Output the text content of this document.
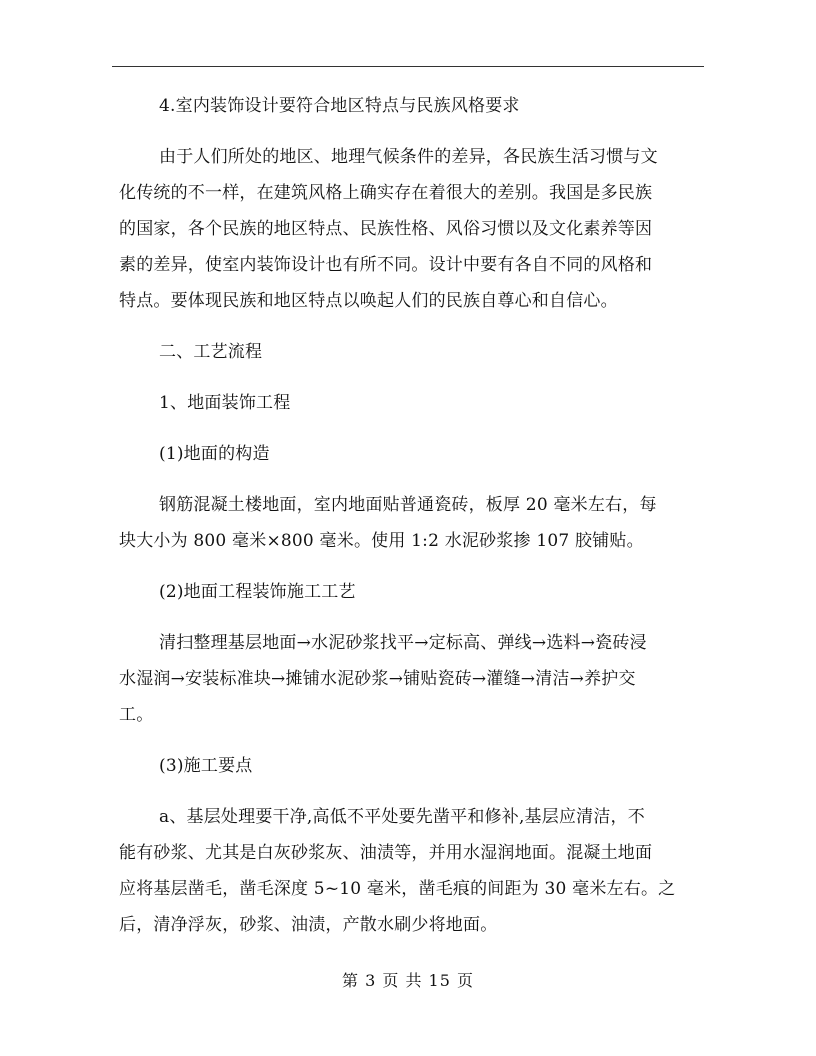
4.室内装饰设计要符合地区特点与民族风格要求
由于人们所处的地区、地理气候条件的差异，各民族生活习惯与文
化传统的不一样，在建筑风格上确实存在着很大的差别。我国是多民族
的国家，各个民族的地区特点、民族性格、风俗习惯以及文化素养等因
素的差异，使室内装饰设计也有所不同。设计中要有各自不同的风格和
特点。要体现民族和地区特点以唤起人们的民族自尊心和自信心。
二、工艺流程
1、地面装饰工程
(1)地面的构造
钢筋混凝土楼地面，室内地面贴普通瓷砖，板厚 20 毫米左右，每
块大小为 800 毫米×800 毫米。使用 1:2 水泥砂浆掺 107 胶铺贴。
(2)地面工程装饰施工工艺
清扫整理基层地面→水泥砂浆找平→定标高、弹线→选料→瓷砖浸
水湿润→安装标准块→摊铺水泥砂浆→铺贴瓷砖→灌缝→清洁→养护交
工。
(3)施工要点
a、基层处理要干净,高低不平处要先凿平和修补,基层应清洁，不
能有砂浆、尤其是白灰砂浆灰、油渍等，并用水湿润地面。混凝土地面
应将基层凿毛，凿毛深度 5~10 毫米，凿毛痕的间距为 30 毫米左右。之
后，清净浮灰，砂浆、油渍，产散水刷少将地面。
第 3 页 共 15 页
